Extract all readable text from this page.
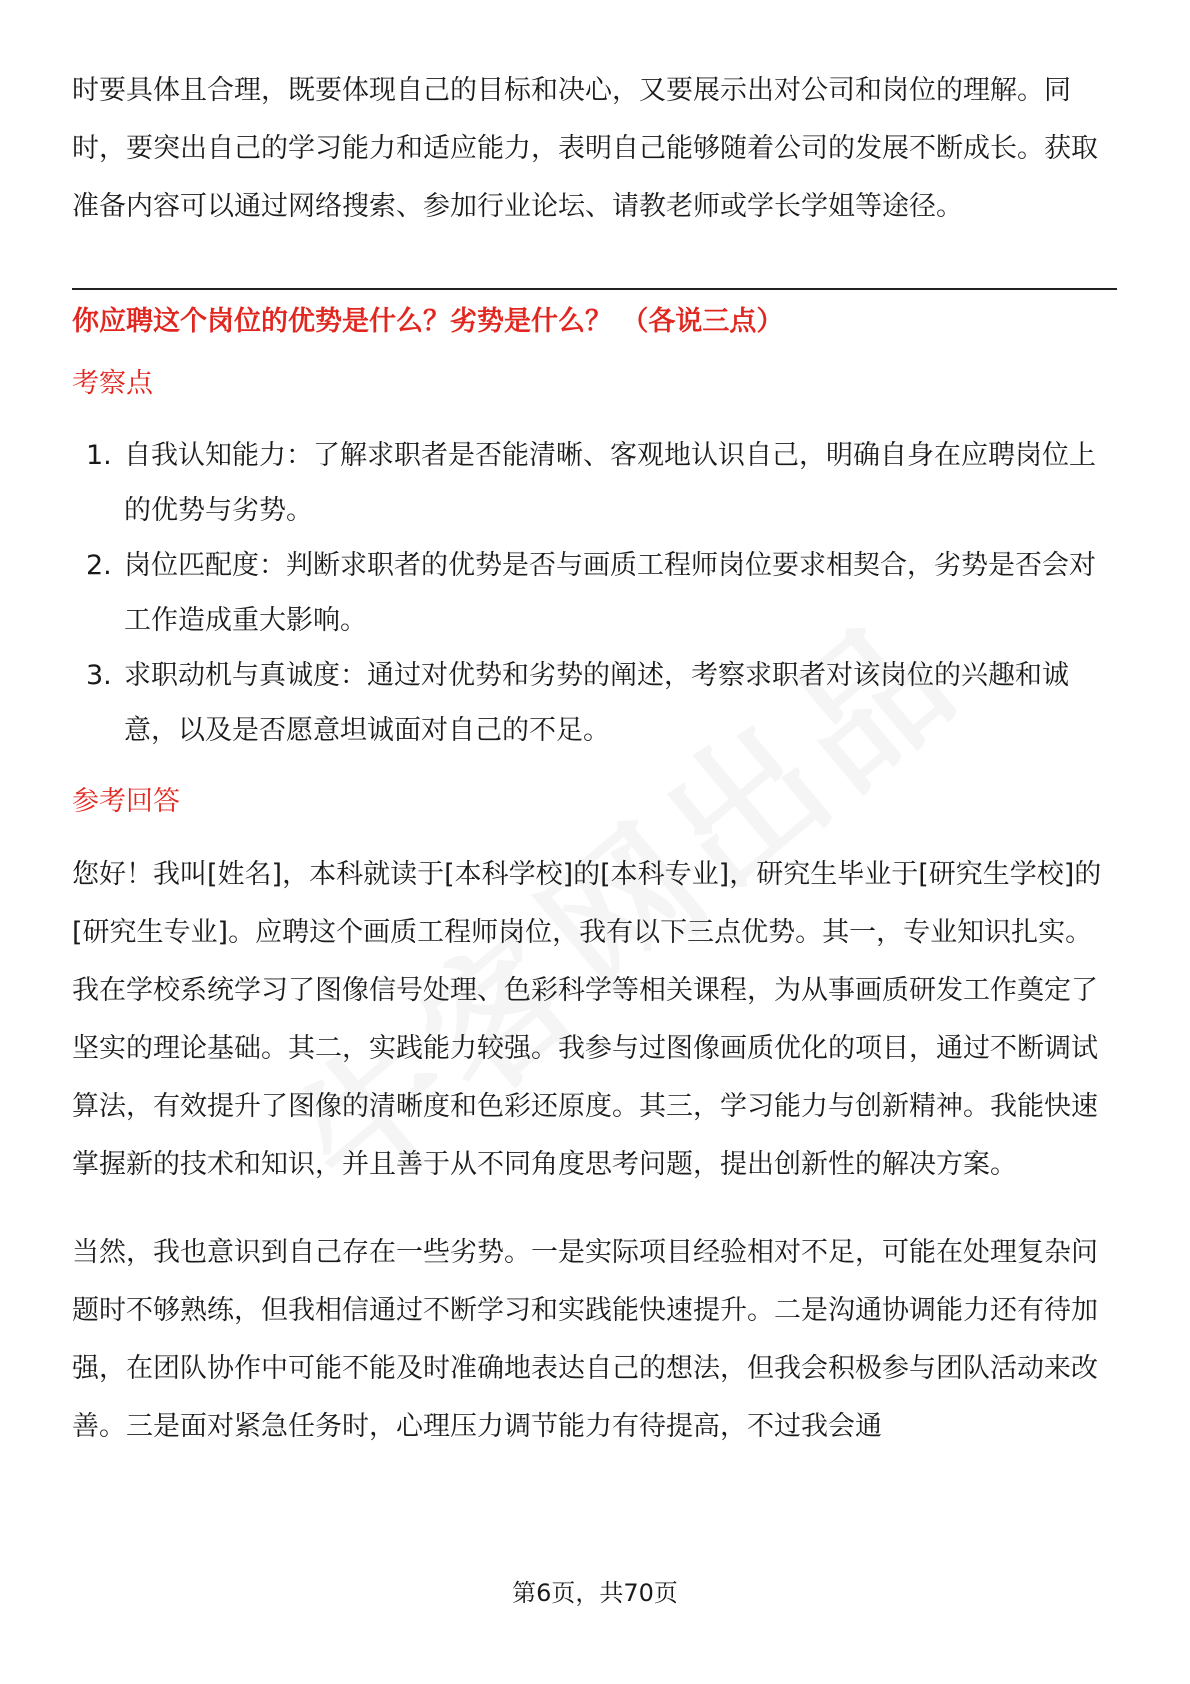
时要具体且合理，既要体现自己的目标和决心，又要展示出对公司和岗位的理解。同时，要突出自己的学习能力和适应能力，表明自己能够随着公司的发展不断成长。获取准备内容可以通过网络搜索、参加行业论坛、请教老师或学长学姐等途径。

你应聘这个岗位的优势是什么？劣势是什么？ （各说三点）

考察点
1. 自我认知能力：了解求职者是否能清晰、客观地认识自己，明确自身在应聘岗位上的优势与劣势。
2. 岗位匹配度：判断求职者的优势是否与画质工程师岗位要求相契合，劣势是否会对工作造成重大影响。
3. 求职动机与真诚度：通过对优势和劣势的阐述，考察求职者对该岗位的兴趣和诚意，以及是否愿意坦诚面对自己的不足。
参考回答

您好！我叫[姓名]，本科就读于[本科学校]的[本科专业]，研究生毕业于[研究生学校]的[研究生专业]。应聘这个画质工程师岗位，我有以下三点优势。其一，专业知识扎实。我在学校系统学习了图像信号处理、色彩科学等相关课程，为从事画质研发工作奠定了坚实的理论基础。其二，实践能力较强。我参与过图像画质优化的项目，通过不断调试算法，有效提升了图像的清晰度和色彩还原度。其三，学习能力与创新精神。我能快速掌握新的技术和知识，并且善于从不同角度思考问题，提出创新性的解决方案。

当然，我也意识到自己存在一些劣势。一是实际项目经验相对不足，可能在处理复杂问题时不够熟练，但我相信通过不断学习和实践能快速提升。二是沟通协调能力还有待加强，在团队协作中可能不能及时准确地表达自己的想法，但我会积极参与团队活动来改善。三是面对紧急任务时，心理压力调节能力有待提高，不过我会通

第6页，共70页
